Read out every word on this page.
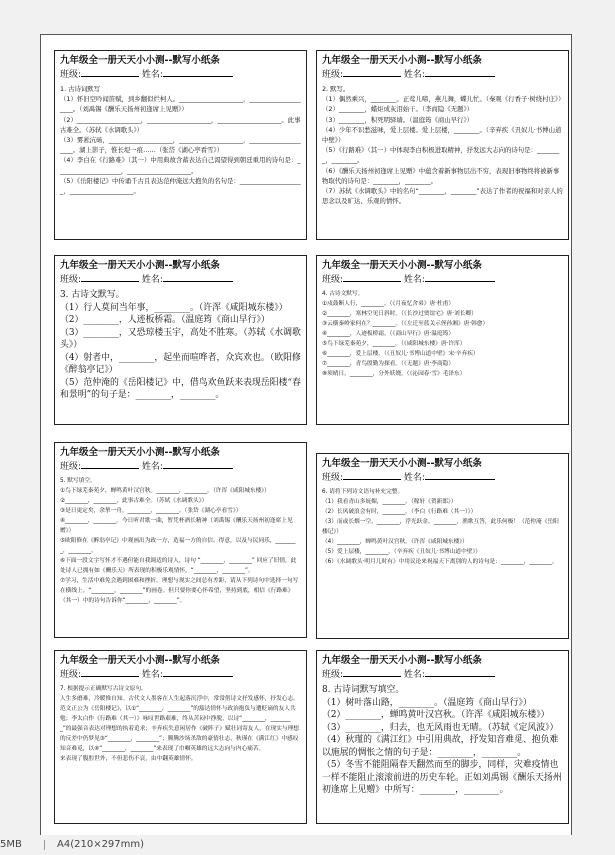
九年级全一册天天小小测--默写小纸条
班级:	姓名:
1. 古诗词默写
（1）怀旧空吟闻笛赋，到乡翻似烂柯人。____________________，____________________。（刘禹锡《酬乐天扬州初逢席上见赠》）
（2）____________________，____________________，____________________。此事古难全。（苏轼《水调歌头》）
（3）雾凇沆砀，____________________，____________________，____________________。湖上影子，惟长堤一痕……（张岱《湖心亭看雪》）
（4）李白在《行路难》（其一）中用典故含蓄表达自己渴望得到朝廷重用的诗句是：____________________，____________________。
（5）《岳阳楼记》中传诵千古且表达范仲淹远大抱负的名句是：____________________，____________________。
九年级全一册天天小小测--默写小纸条
班级:	姓名:
2. 默写。
（1）偶然乘兴，________。正莺儿啼，燕儿舞，蝶儿忙。（秦观《行香子·树绕村庄》）
（2）________，蜡炬成灰泪始干。（李商隐《无题》）
（3）________，积死明驿墙。（温庭筠《商山早行》）
（4）少年不识愁滋味，爱上层楼。爱上层楼，________。（辛弃疾《丑奴儿·书博山道中壁》）
（5）《行路难》（其一）中体现李白积极进取精神，抒发远大志向的诗句是：________，________。
（6）《酬乐天扬州初逢席上见赠》中蕴含着新事物层出不穷，表现旧事物终将被新事物取代的诗句是：________，________。
（7）苏轼《水调歌头》中的名句“________，________”表达了作者的祝福和对亲人的思念以及旷达、乐观的情怀。
九年级全一册天天小小测--默写小纸条
班级:	姓名:
3. 古诗文默写。
（1）行人莫问当年事，________。（许浑《咸阳城东楼》）
（2）________，人迹板桥霜。（温庭筠《商山早行》）
（3）________，又恐琼楼玉宇，高处不胜寒。（苏轼《水调歌头》）
（4）射者中，________，起坐而喧哗者，众宾欢也。（欧阳修《醉翁亭记》）
（5）范仲淹的《岳阳楼记》中，借鸟欢鱼跃来表现岳阳楼“春和景明”的句子是：________，________。
九年级全一册天天小小测--默写小纸条
班级:	姓名:
4. 古诗文默写。
①戍鼓断人行，________。（《月夜忆舍弟》唐·杜甫）
②________，寒林空见日斜时。（《长沙过贾谊宅》唐·刘长卿）
③云横秦岭家何在？________。（《左迁至蓝关示侄孙湘》唐·韩愈）
④________，人迹板桥霜。（《商山早行》唐·温庭筠）
⑤鸟下绿芜秦苑夕，________。（《咸阳城东楼》唐·许浑）
⑥________，爱上层楼。（《丑奴儿·书博山道中壁》宋·辛弃疾）
⑦________，青鸟殷勤为探看。（《无题》唐·李商隐）
⑧须晴日，________，分外妖娆。（《沁园春·雪》毛泽东）
九年级全一册天天小小测--默写小纸条
班级:	姓名:
5. 默写填空。
①鸟下绿芜秦苑夕，蝉鸣黄叶汉宫秋。________，________。（许浑《咸阳城东楼》）
②________，________，此事古难全。（苏轼《水调歌头》）
③是日更定矣，余挈一舟，________，________。（张岱《湖心亭看雪》）
④________，________。今日听君歌一曲，暂凭杯酒长精神（刘禹锡《酬乐天扬州初逢席上见赠》）
⑤欧阳修在《醉翁亭记》中观画出为政一方，造福一方的自信、得意，以及与民同乐，________，________。
⑥下面一段文字写怀才不遇但能自我调适的诗人，诗句 “________，________” 回应了旧情，此处诗人已拥有如《酬乐天》所表现的积极乐观情怀，“________，________”。
⑦学习，生活中难免会遇到困难和挫折。理想与现实之间总有差距，请从下列诗句中选择一句写在横线上。“________，________”的画卷。但只要你要心怀希望，坚持到底，相信《行路难》（其一）中的诗句告诉你“________，________”。
九年级全一册天天小小测--默写小纸条
班级:	姓名:
6. 请将下列诗文语句补充完整。
（1）我看青山多妩媚，________。（稼轩《贺新郎》）
（2）长风破浪会有时，________。（李白《行路难（其一）》）
（3）而或长烟一空，________，浮光跃金，________，渔歌互答，此乐何极！（范仲淹《岳阳楼记》）
（4）________，蝉鸣黄叶汉宫秋。（许浑《咸阳城东楼》）
（5）爱上层楼，________。（辛弃疾《丑奴儿·书博山道中壁》）
（6）《水调歌头·明月几时有》中用议论来祝福天下离别的人的诗句是：________，________。
九年级全一册天天小小测--默写小纸条
班级:	姓名:
7. 根据提示正确默写古诗文原句。
人生多磨难，冷暖惟自知。古代文人墨客在人生起落沉浮中，常常借诗文抒发感怀，抒发心志。范文正公为《岳阳楼记》，以①“________，________”的豁达情怀与政治抱负与遭贬谪的友人共勉；李太白作《行路难（其一）》咏叹世路艰难，终从苦闷中挣脱，以诗“________，________”的最强音表达对理想的执着追求；辛弃疾失意闲居作《破阵子》赋壮词寄友人，在现实与理想的反差中仍梦见③“________，________”；腾腾沙场杀敌的豪情壮志，秋瑾在《满江红》中感叹知音难觅，以④“________，________”来表现了巾帼英雄的远大志向与内心痛苦。
来表现了腹腔世外，不但悲伤不哀，由中翻英雄情怀。
九年级全一册天天小小测--默写小纸条
班级:	姓名:
8. 古诗词默写填空。
（1）树叶落山路，________。（温庭筠《商山早行》）
（2）________，蝉鸣黄叶汉宫秋。（许浑《咸阳城东楼》）
（3）________，归去，也无风雨也无晴。（苏轼《定风波》）
（4）秋瑾的《满江红》中引用典故，抒发知音难觅、抱负难以施展的惆怅之情的句子是：________，________。
（5）冬雪不能阻隔春天翻然而至的脚步，同样，灾难疫情也一样不能阻止滚滚前进的历史车轮。正如刘禹锡《酬乐天扬州初逢席上见赠》中所写：________，________。
5MB	A4(210×297mm)
